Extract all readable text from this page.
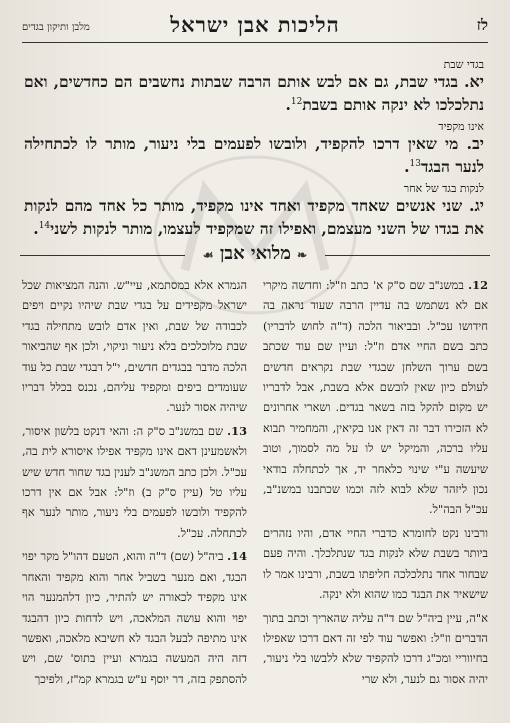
לז
הליכות אבן ישראל
מלבן ותיקון בגדים
בגדי שבת
יא. בגדי שבת, גם אם לבש אותם הרבה שבתות נחשבים הם כחדשים, ואם נתלכלכו לא ינקה אותם בשבת$^{12}$.
אינו מקפיד
יב. מי שאין דרכו להקפיד, ולובשו לפעמים בלי ניעור, מותר לו לכתחילה לנער הבגד$^{13}$.
לנקות בגד של אחר
יג. שני אנשים שאחד מקפיד ואחד אינו מקפיד, מותר כל אחד מהם לנקות את בגדו של השני מעצמם, ואפילו זה שמקפיד לעצמו, מותר לנקות לשני$^{14}$.
❧ מלואי אבן ☙

12. במשנ"ב שם ס"ק א' כתב וז"ל: וחדשה מיקרי אם לא נשתמש בה עדיין הרבה שעוד נראה בה חידושו עכ"ל. ובביאור הלכה (ד"ה לחוש לדבריו) כתב בשם החיי אדם וז"ל: ועיין שם עוד שכתב בשם ערוך השלחן שבגדי שבת נקראים חדשים לעולם כיון שאין לובשם אלא בשבת, אבל לדבריו יש מקום להקל בזה בשאר בגדים. ושארי אחרונים לא הזכירו דבר זה דאין אנו בקיאין, והמחמיר תבוא עליו ברכה, והמיקל יש לו על מה לסמוך, וטוב שיעשה ע"י שינוי כלאחר יד, אך לכתחלה בודאי נכון ליזהר שלא לבוא לזה וכמו שכתבנו במשנ"ב, עכ"ל הבה"ל.

ורבינו נקט לחומרא כדברי החיי אדם, והיו נזהרים ביותר בשבת שלא לנקות בגד שנתלכלך. והיה פעם שבחור אחד נתלכלכה חליפתו בשבת, ורבינו אמר לו שישאיר את הבגד כמו שהוא ולא ינקה.

א"ה, עיין ביה"ל שם ד"ה עליה שהאריך וכתב בתוך הדברים וז"ל: ואפשר עוד לפי זה דאם דרכו שאפילו בחיווריי ומכ"ג דרכו להקפיד שלא ללבשו בלי ניעור, יהיה אסור גם לנער, ולא שרי

הגמרא אלא במסתמא, עיי"ש. והנה המציאות שכל ישראל מקפידים על בגדי שבת שיהיו נקיים ויפים לכבודה של שבת, ואין אדם לובש מתחילה בגדי שבת מלוכלכים בלא ניעור וניקוי, ולכן אף שהביאור הלכה מדבר בבגדים חדשים, י"ל דבגדי שבת כל עוד שעומדים ביפים ומקפיד עליהם, נכנס בכלל דבריו שיהיה אסור לנער.

13. שם במשנ"ב ס"ק ה: והאי דנקט בלשון איסור, ולאשמעינן דאם אינו מקפיד אפילו איסורא לית בה, עכ"ל. ולכן כתב המשנ"ב לענין בגד שחור חדש שיש עליו טל (עיין ס"ק ב) וז"ל: אבל אם אין דרכו להקפיד ולובשו לפעמים בלי ניעור, מותר לנער אף לכתחלה. עכ"ל.

14. ביה"ל (שם) ד"ה והוא, הטעם דהו"ל מקר יפוי הבגד, ואם מנער בשביל אחר והוא מקפיד והאחר אינו מקפיד לכאורה יש להתיר, כיון דלהמנער הוי יפוי והוא עושה המלאכה, ויש לדחות כיון דהבגד אינו מתיפה לבעל הבגד לא חשיבא מלאכה, ואפשר דזה היה המעשה בגמרא ועיין בתוס' שם, ויש להסתפק בזה, דר יוסף ע"ש בגמרא קמ"ז, ולפיכך
